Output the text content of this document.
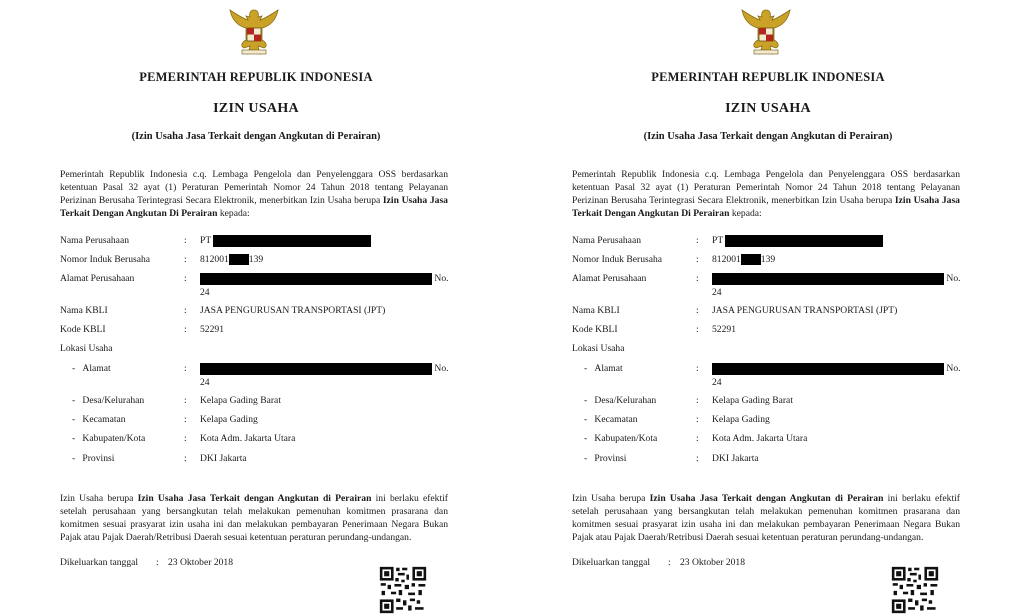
PEMERINTAH REPUBLIK INDONESIA
IZIN USAHA
(Izin Usaha Jasa Terkait dengan Angkutan di Perairan)
Pemerintah Republik Indonesia c.q. Lembaga Pengelola dan Penyelenggara OSS berdasarkan ketentuan Pasal 32 ayat (1) Peraturan Pemerintah Nomor 24 Tahun 2018 tentang Pelayanan Perizinan Berusaha Terintegrasi Secara Elektronik, menerbitkan Izin Usaha berupa Izin Usaha Jasa Terkait Dengan Angkutan Di Perairan kepada:
Nama Perusahaan	: PT
Nomor Induk Berusaha	: 812001 139
Alamat Perusahaan	:	No.
24
Nama KBLI	: JASA PENGURUSAN TRANSPORTASI (JPT)
Kode KBLI	: 52291
Lokasi Usaha
- Alamat	:	No.
24
- Desa/Kelurahan	: Kelapa Gading Barat
- Kecamatan	: Kelapa Gading
- Kabupaten/Kota	: Kota Adm. Jakarta Utara
- Provinsi	: DKI Jakarta
Izin Usaha berupa Izin Usaha Jasa Terkait dengan Angkutan di Perairan ini berlaku efektif setelah perusahaan yang bersangkutan telah melakukan pemenuhan komitmen prasarana dan komitmen sesuai prasyarat izin usaha ini dan melakukan pembayaran Penerimaan Negara Bukan Pajak atau Pajak Daerah/Retribusi Daerah sesuai ketentuan peraturan perundang-undangan.
Dikeluarkan tanggal : 23 Oktober 2018
PEMERINTAH REPUBLIK INDONESIA
IZIN USAHA
(Izin Usaha Jasa Terkait dengan Angkutan di Perairan)
Pemerintah Republik Indonesia c.q. Lembaga Pengelola dan Penyelenggara OSS berdasarkan ketentuan Pasal 32 ayat (1) Peraturan Pemerintah Nomor 24 Tahun 2018 tentang Pelayanan Perizinan Berusaha Terintegrasi Secara Elektronik, menerbitkan Izin Usaha berupa Izin Usaha Jasa Terkait Dengan Angkutan Di Perairan kepada:
Nama Perusahaan	: PT
Nomor Induk Berusaha	: 812001 139
Alamat Perusahaan	:	No.
24
Nama KBLI	: JASA PENGURUSAN TRANSPORTASI (JPT)
Kode KBLI	: 52291
Lokasi Usaha
- Alamat	:	No.
24
- Desa/Kelurahan	: Kelapa Gading Barat
- Kecamatan	: Kelapa Gading
- Kabupaten/Kota	: Kota Adm. Jakarta Utara
- Provinsi	: DKI Jakarta
Izin Usaha berupa Izin Usaha Jasa Terkait dengan Angkutan di Perairan ini berlaku efektif setelah perusahaan yang bersangkutan telah melakukan pemenuhan komitmen prasarana dan komitmen sesuai prasyarat izin usaha ini dan melakukan pembayaran Penerimaan Negara Bukan Pajak atau Pajak Daerah/Retribusi Daerah sesuai ketentuan peraturan perundang-undangan.
Dikeluarkan tanggal : 23 Oktober 2018
